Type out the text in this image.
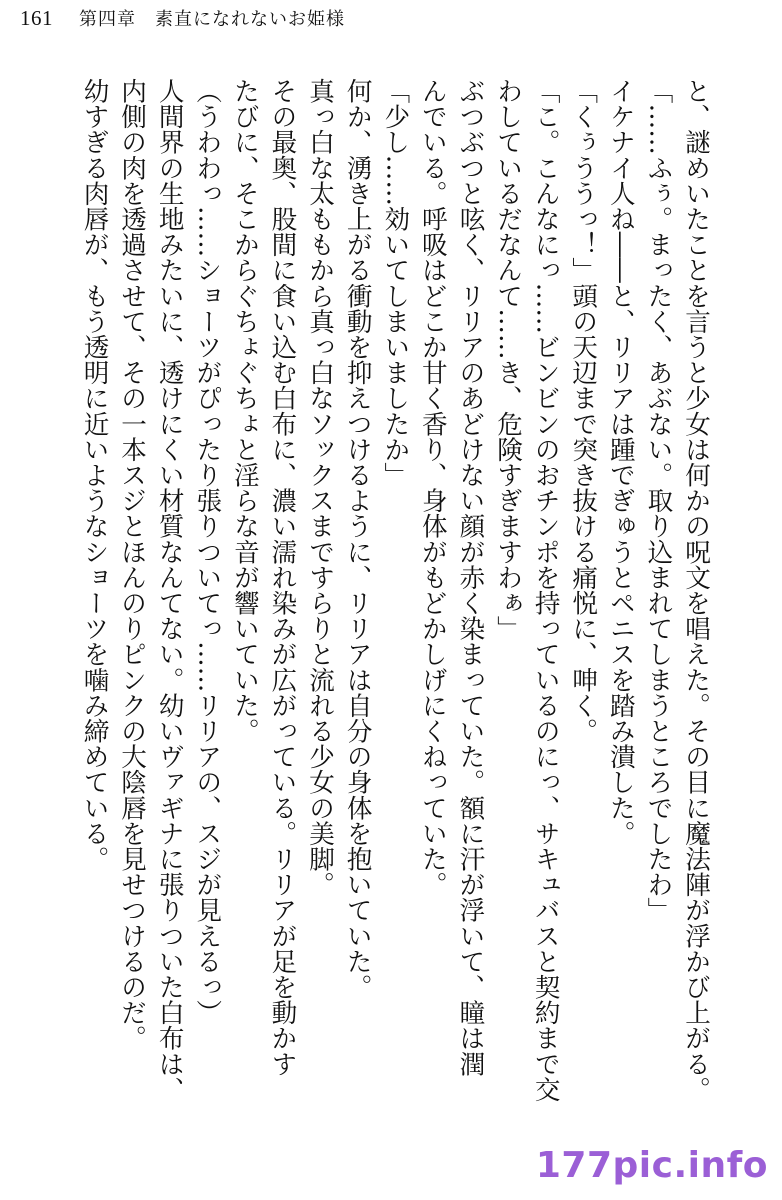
161 第四章　素直になれないお姫様
と、謎めいたことを言うと少女は何かの呪文を唱えた。その目に魔法陣が浮かび上がる。
「……ふぅ。まったく、あぶない。取り込まれてしまうところでしたわ」
イケナイ人ね――と、リリアは踵でぎゅうとペニスを踏み潰した。
「くぅううっ！」頭の天辺まで突き抜ける痛悦に、呻く。
「こ。こんなにっ……ビンビンのおチンポを持っているのにっ、サキュバスと契約まで交
わしているだなんて……き、危険すぎますわぁ」
ぶつぶつと呟く、リリアのあどけない顔が赤く染まっていた。額に汗が浮いて、瞳は潤
んでいる。呼吸はどこか甘く香り、身体がもどかしげにくねっていた。
「少し……効いてしまいましたか」
何か、湧き上がる衝動を抑えつけるように、リリアは自分の身体を抱いていた。
真っ白な太ももから真っ白なソックスまですらりと流れる少女の美脚。
その最奥、股間に食い込む白布に、濃い濡れ染みが広がっている。リリアが足を動かす
たびに、そこからぐちょぐちょと淫らな音が響いていた。
（うわわっ……ショーツがぴったり張りついてっ……リリアの、スジが見えるっ）
人間界の生地みたいに、透けにくい材質なんてない。幼いヴァギナに張りついた白布は、
内側の肉を透過させて、その一本スジとほんのりピンクの大陰唇を見せつけるのだ。
幼すぎる肉唇が、もう透明に近いようなショーツを噛み締めている。
177pic.info
